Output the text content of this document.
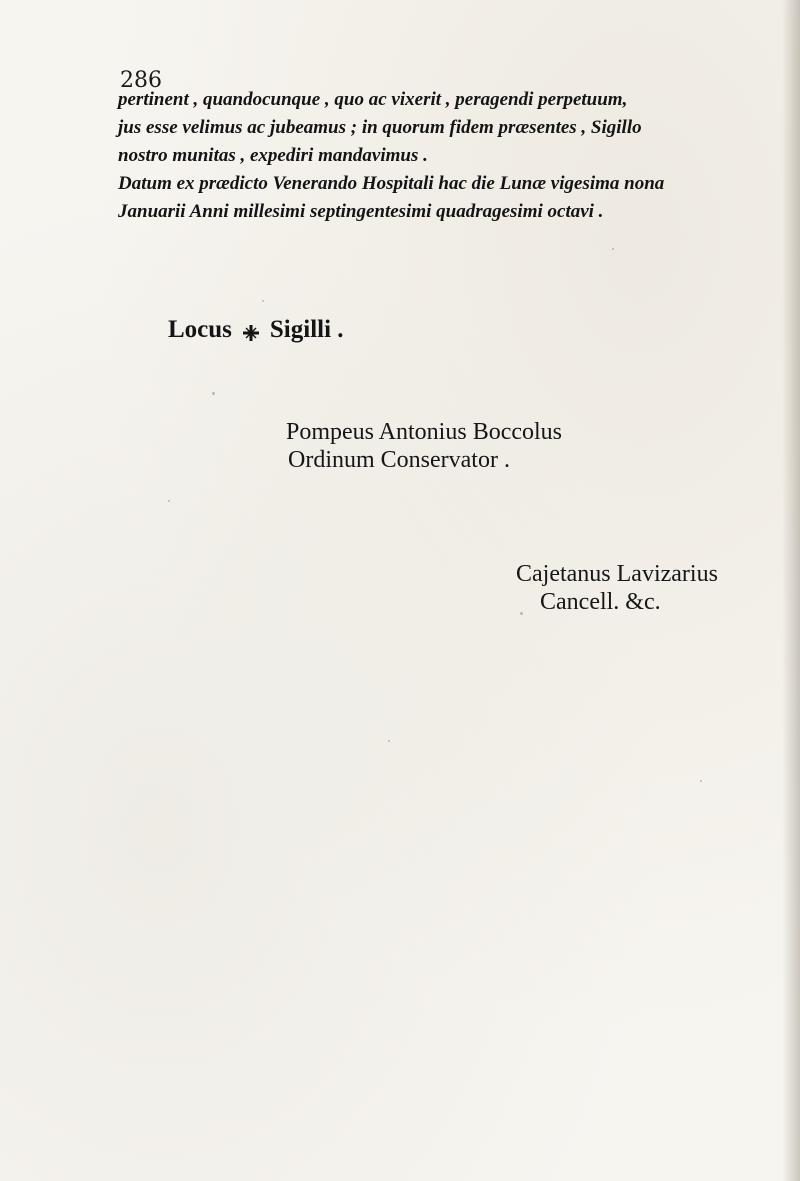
286
pertinent , quandocunque , quo ac vixerit , peragendi perpetuum,
jus esse velimus ac jubeamus ; in quorum fidem præsentes , Sigillo
nostro munitas , expediri mandavimus .
Datum ex prædicto Venerando Hospitali hac die Lunæ vigesima nona
Januarii Anni millesimi septingentesimi quadragesimi octavi .
Locus Sigilli .
Pompeus Antonius Boccolus
Ordinum Conservator .
Cajetanus Lavizarius
Cancell. &c.
